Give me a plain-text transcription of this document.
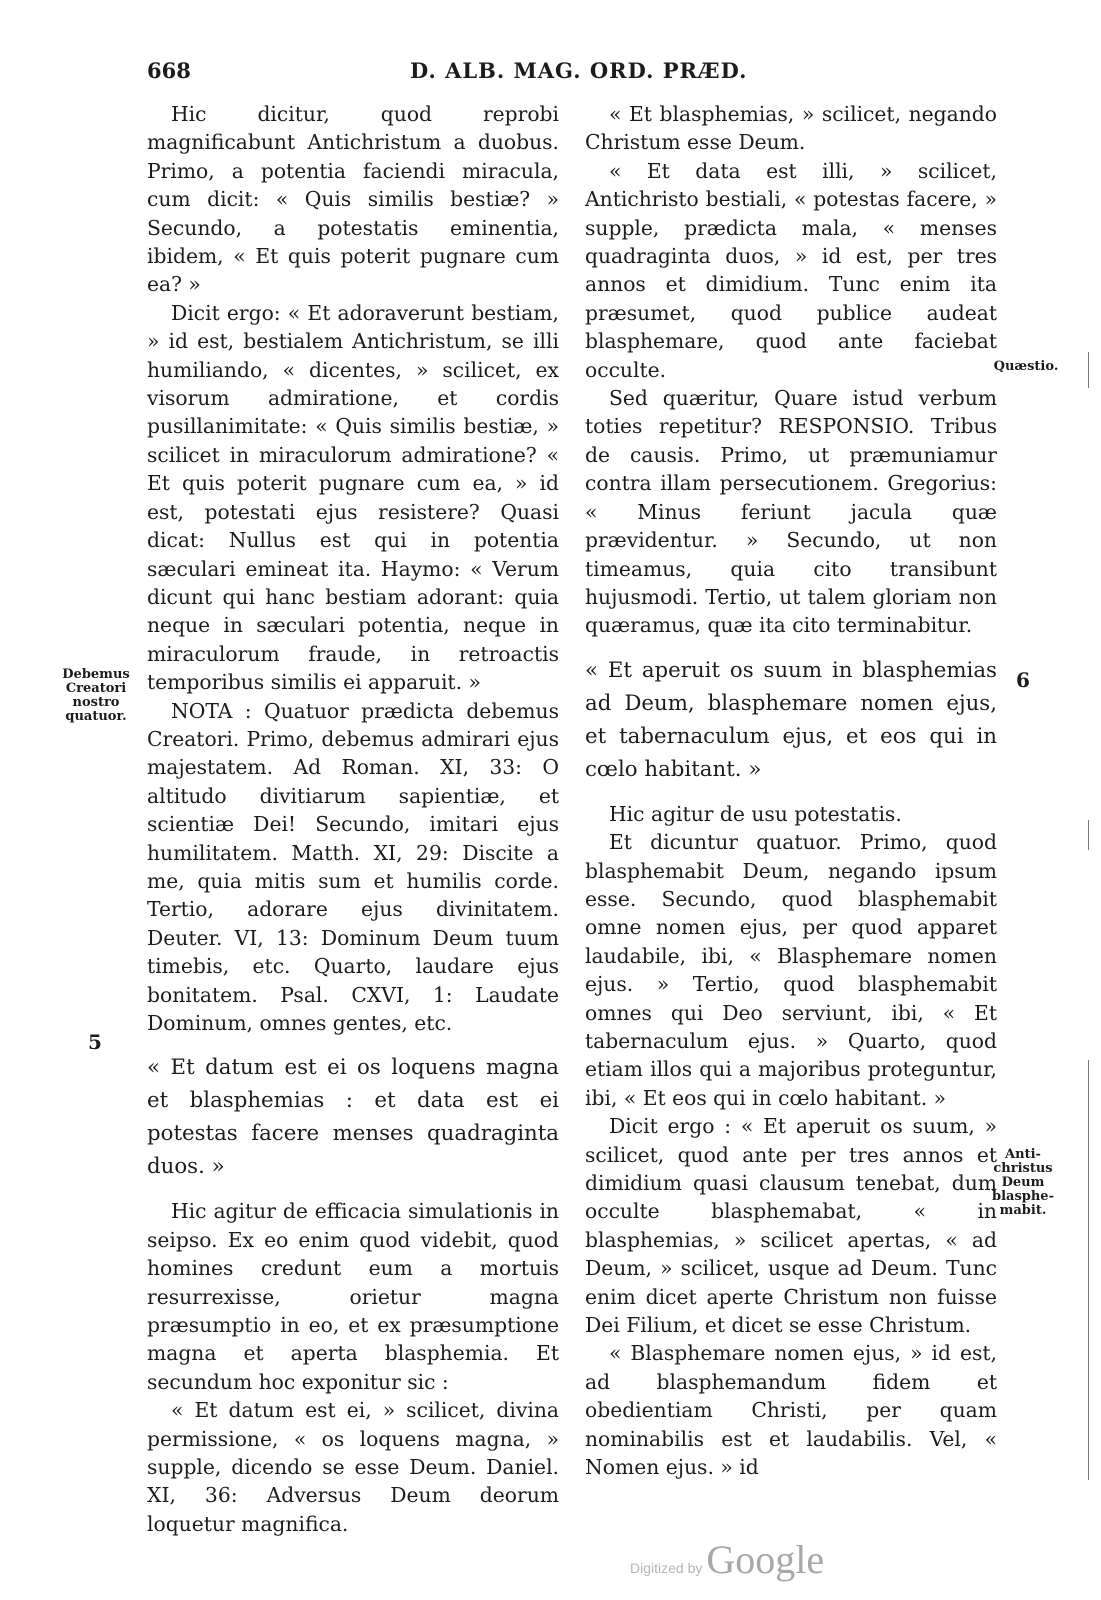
668	D. ALB. MAG. ORD. PRÆD.

Hic dicitur, quod reprobi magnificabunt Antichristum a duobus. Primo, a potentia faciendi miracula, cum dicit: « Quis similis bestiæ? » Secundo, a potestatis eminentia, ibidem, « Et quis poterit pugnare cum ea? »

Dicit ergo: « Et adoraverunt bestiam, » id est, bestialem Antichristum, se illi humiliando, « dicentes, » scilicet, ex visorum admiratione, et cordis pusillanimitate: « Quis similis bestiæ, » scilicet in miraculorum admiratione? « Et quis poterit pugnare cum ea, » id est, potestati ejus resistere? Quasi dicat: Nullus est qui in potentia sæculari emineat ita. Haymo: « Verum dicunt qui hanc bestiam adorant: quia neque in sæculari potentia, neque in miraculorum fraude, in retroactis temporibus similis ei apparuit. »

NOTA : Quatuor prædicta debemus Creatori. Primo, debemus admirari ejus majestatem. Ad Roman. XI, 33: O altitudo divitiarum sapientiæ, et scientiæ Dei! Secundo, imitari ejus humilitatem. Matth. XI, 29: Discite a me, quia mitis sum et humilis corde. Tertio, adorare ejus divinitatem. Deuter. VI, 13: Dominum Deum tuum timebis, etc. Quarto, laudare ejus bonitatem. Psal. CXVI, 1: Laudate Dominum, omnes gentes, etc.

« Et datum est ei os loquens magna et blasphemias : et data est ei potestas facere menses quadraginta duos. »

Hic agitur de efficacia simulationis in seipso. Ex eo enim quod videbit, quod homines credunt eum a mortuis resurrexisse, orietur magna præsumptio in eo, et ex præsumptione magna et aperta blasphemia. Et secundum hoc exponitur sic :

« Et datum est ei, » scilicet, divina permissione, « os loquens magna, » supple, dicendo se esse Deum. Daniel. XI, 36: Adversus Deum deorum loquetur magnifica.

« Et blasphemias, » scilicet, negando Christum esse Deum.

« Et data est illi, » scilicet, Antichristo bestiali, « potestas facere, » supple, prædicta mala, « menses quadraginta duos, » id est, per tres annos et dimidium. Tunc enim ita præsumet, quod publice audeat blasphemare, quod ante faciebat occulte.

Sed quæritur, Quare istud verbum toties repetitur? RESPONSIO. Tribus de causis. Primo, ut præmuniamur contra illam persecutionem. Gregorius: « Minus feriunt jacula quæ prævidentur. » Secundo, ut non timeamus, quia cito transibunt hujusmodi. Tertio, ut talem gloriam non quæramus, quæ ita cito terminabitur.

« Et aperuit os suum in blasphemias ad Deum, blasphemare nomen ejus, et tabernaculum ejus, et eos qui in cœlo habitant. »

Hic agitur de usu potestatis.

Et dicuntur quatuor. Primo, quod blasphemabit Deum, negando ipsum esse. Secundo, quod blasphemabit omne nomen ejus, per quod apparet laudabile, ibi, « Blasphemare nomen ejus. » Tertio, quod blasphemabit omnes qui Deo serviunt, ibi, « Et tabernaculum ejus. » Quarto, quod etiam illos qui a majoribus proteguntur, ibi, « Et eos qui in cœlo habitant. »

Dicit ergo : « Et aperuit os suum, » scilicet, quod ante per tres annos et dimidium quasi clausum tenebat, dum occulte blasphemabat, « in blasphemias, » scilicet apertas, « ad Deum, » scilicet, usque ad Deum. Tunc enim dicet aperte Christum non fuisse Dei Filium, et dicet se esse Christum.

« Blasphemare nomen ejus, » id est, ad blasphemandum fidem et obedientiam Christi, per quam nominabilis est et laudabilis. Vel, « Nomen ejus. » id

Debemus
Creatori
nostro
quatuor.
Quæstio.
Anti-
christus
Deum
blasphe-
mabit.
5
6
Digitized by Google
